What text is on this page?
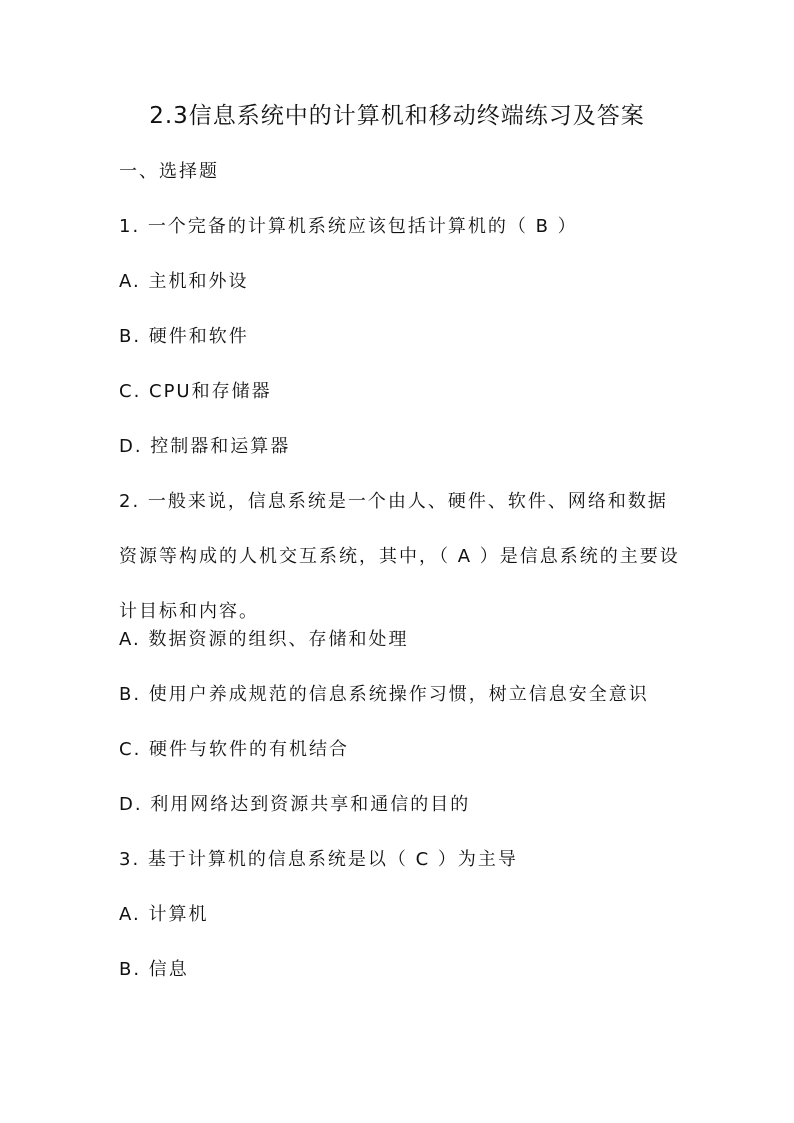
2.3信息系统中的计算机和移动终端练习及答案

一、选择题

1. 一个完备的计算机系统应该包括计算机的（ B ）

A. 主机和外设

B. 硬件和软件

C. CPU和存储器

D. 控制器和运算器

2. 一般来说，信息系统是一个由人、硬件、软件、网络和数据
资源等构成的人机交互系统，其中，（ A ）是信息系统的主要设
计目标和内容。

A. 数据资源的组织、存储和处理

B. 使用户养成规范的信息系统操作习惯，树立信息安全意识

C. 硬件与软件的有机结合

D. 利用网络达到资源共享和通信的目的

3. 基于计算机的信息系统是以（ C ）为主导

A. 计算机

B. 信息
